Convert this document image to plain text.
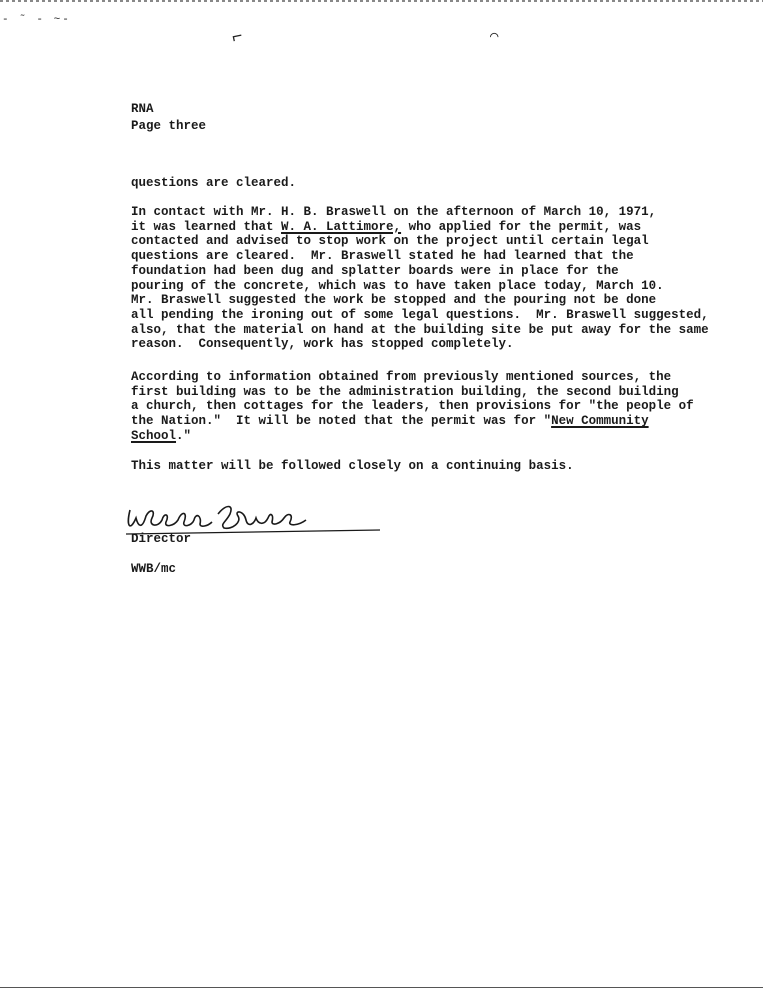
‑ ˜ ‑ ~‑
⌐	⌒
RNA
Page three
questions are cleared.
In contact with Mr. H. B. Braswell on the afternoon of March 10, 1971,
it was learned that W. A. Lattimore, who applied for the permit, was
contacted and advised to stop work on the project until certain legal
questions are cleared.  Mr. Braswell stated he had learned that the
foundation had been dug and splatter boards were in place for the
pouring of the concrete, which was to have taken place today, March 10.
Mr. Braswell suggested the work be stopped and the pouring not be done
all pending the ironing out of some legal questions.  Mr. Braswell suggested,
also, that the material on hand at the building site be put away for the same
reason.  Consequently, work has stopped completely.
According to information obtained from previously mentioned sources, the
first building was to be the administration building, the second building
a church, then cottages for the leaders, then provisions for "the people of
the Nation."  It will be noted that the permit was for "New Community
School."
This matter will be followed closely on a continuing basis.
Director
WWB/mc
